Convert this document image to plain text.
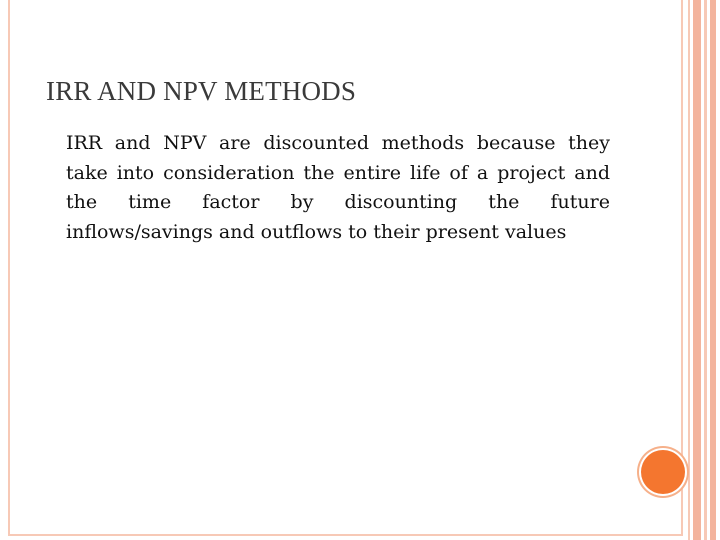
IRR AND NPV METHODS

IRR and NPV are discounted methods because they take into consideration the entire life of a project and the time factor by discounting the future inflows/savings and outflows to their present values
